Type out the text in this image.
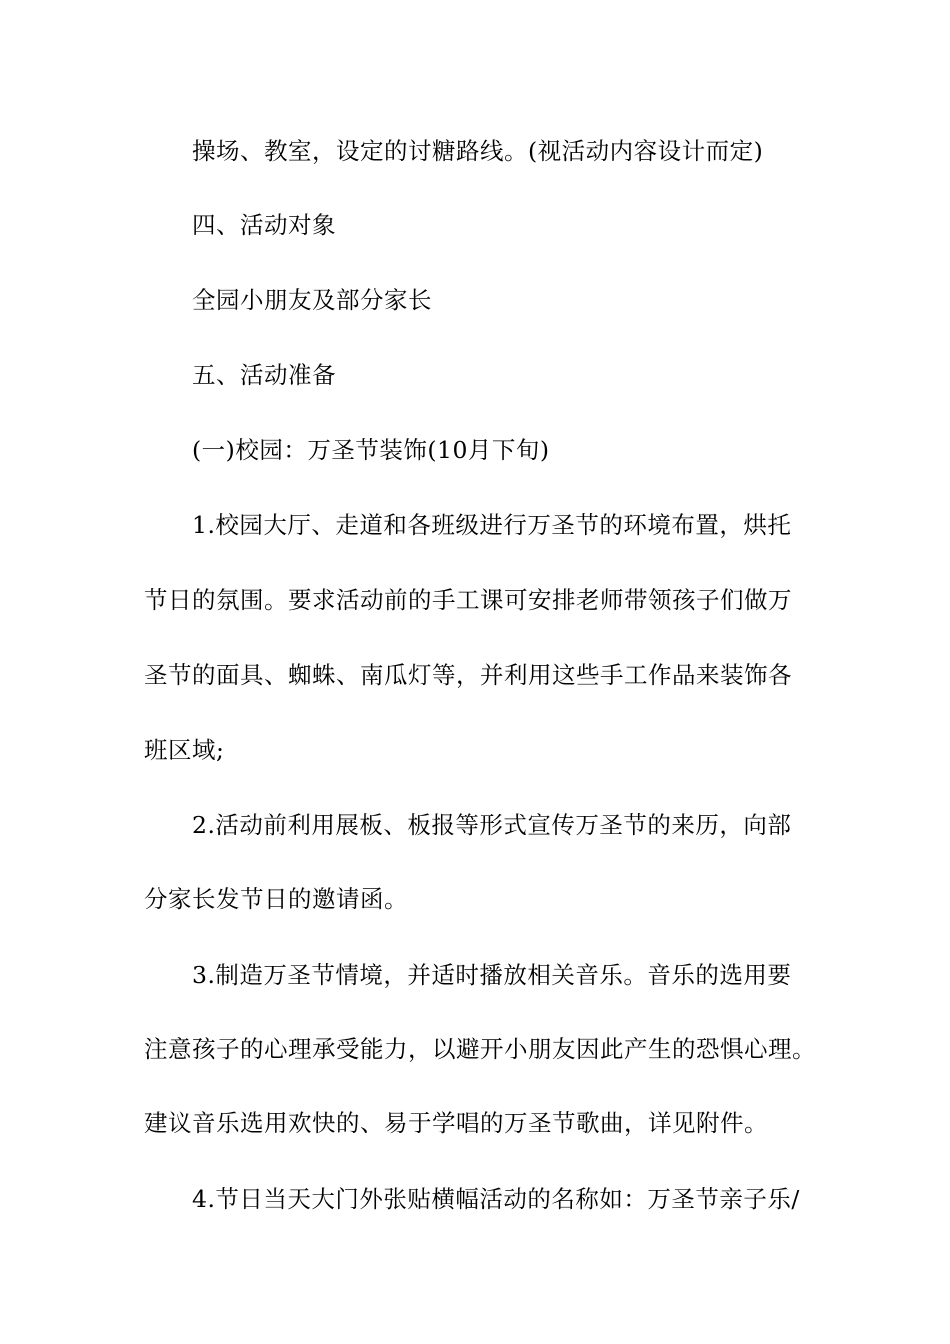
操场、教室，设定的讨糖路线。(视活动内容设计而定)
四、活动对象
全园小朋友及部分家长
五、活动准备
(一)校园：万圣节装饰(10月下旬)
1.校园大厅、走道和各班级进行万圣节的环境布置，烘托
节日的氛围。要求活动前的手工课可安排老师带领孩子们做万
圣节的面具、蜘蛛、南瓜灯等，并利用这些手工作品来装饰各
班区域;
2.活动前利用展板、板报等形式宣传万圣节的来历，向部
分家长发节日的邀请函。
3.制造万圣节情境，并适时播放相关音乐。音乐的选用要
注意孩子的心理承受能力，以避开小朋友因此产生的恐惧心理。
建议音乐选用欢快的、易于学唱的万圣节歌曲，详见附件。
4.节日当天大门外张贴横幅活动的名称如：万圣节亲子乐/
